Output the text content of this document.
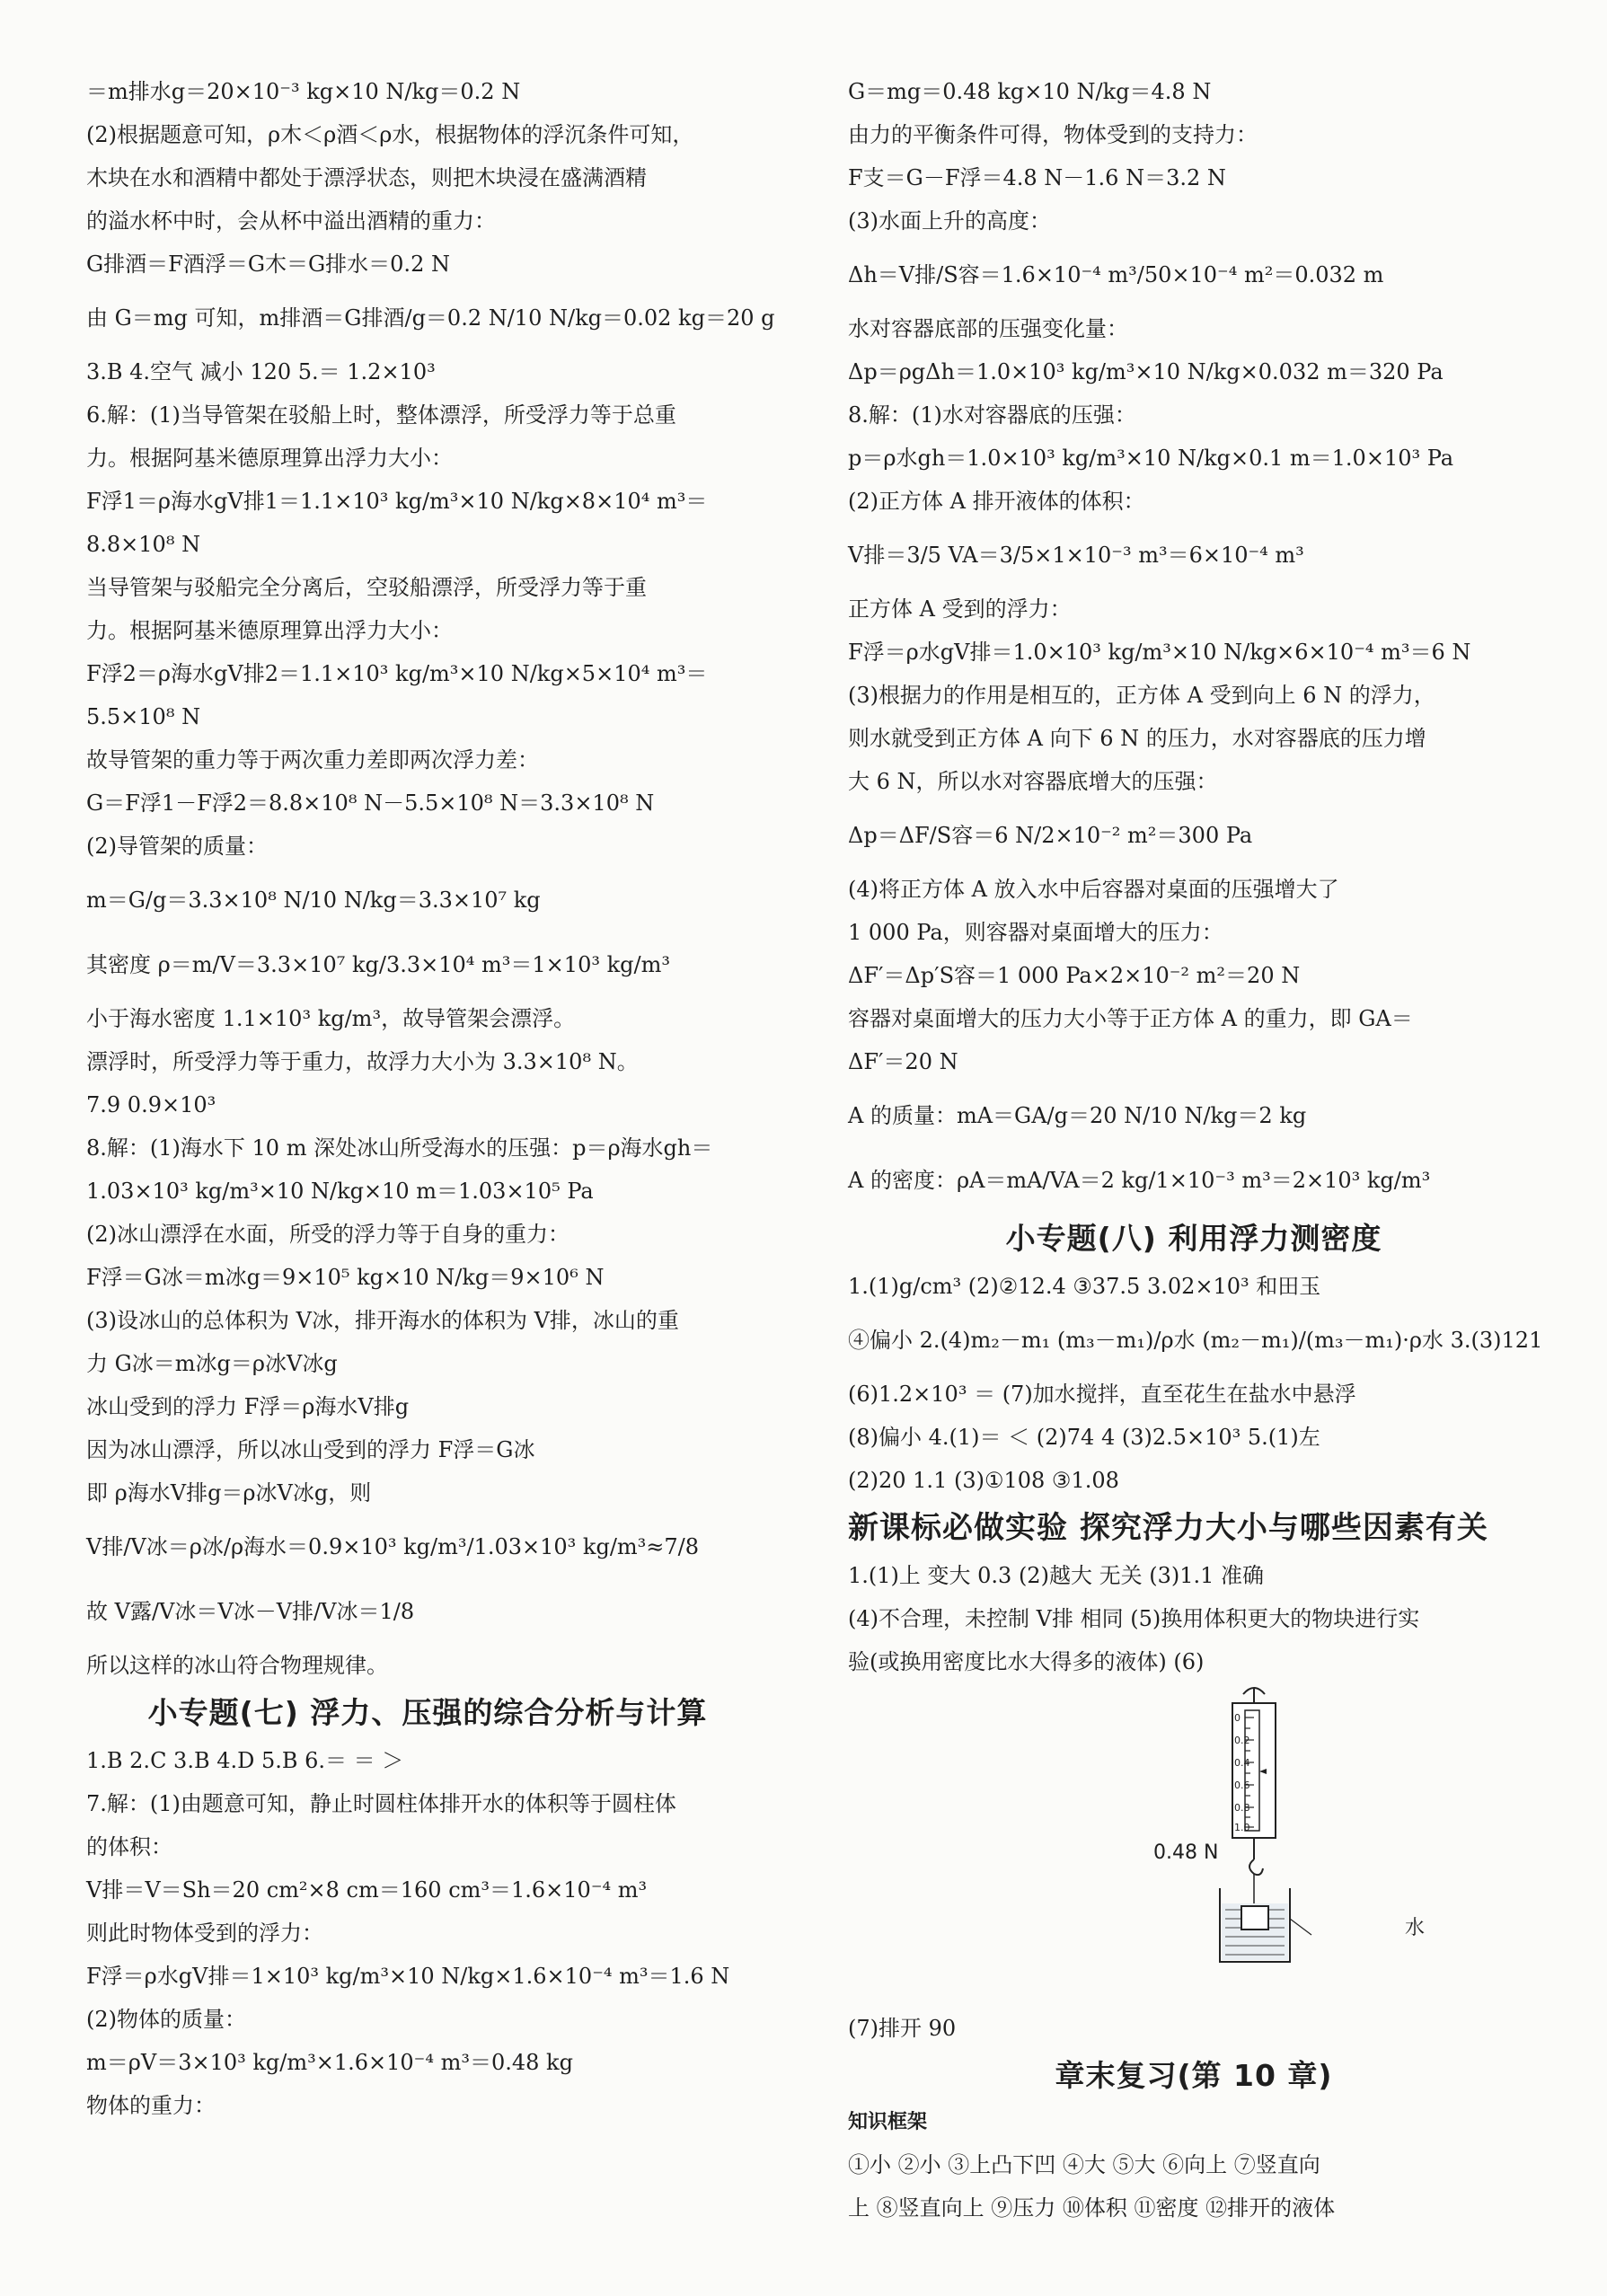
＝m排水g＝20×10⁻³ kg×10 N/kg＝0.2 N
(2)根据题意可知，ρ木＜ρ酒＜ρ水，根据物体的浮沉条件可知，
木块在水和酒精中都处于漂浮状态，则把木块浸在盛满酒精
的溢水杯中时，会从杯中溢出酒精的重力：
G排酒＝F酒浮＝G木＝G排水＝0.2 N
由 G＝mg 可知，m排酒＝G排酒/g＝0.2 N/10 N/kg＝0.02 kg＝20 g
3.B 4.空气 减小 120 5.＝ 1.2×10³
6.解：(1)当导管架在驳船上时，整体漂浮，所受浮力等于总重
力。根据阿基米德原理算出浮力大小：
F浮1＝ρ海水gV排1＝1.1×10³ kg/m³×10 N/kg×8×10⁴ m³＝
8.8×10⁸ N
当导管架与驳船完全分离后，空驳船漂浮，所受浮力等于重
力。根据阿基米德原理算出浮力大小：
F浮2＝ρ海水gV排2＝1.1×10³ kg/m³×10 N/kg×5×10⁴ m³＝
5.5×10⁸ N
故导管架的重力等于两次重力差即两次浮力差：
G＝F浮1－F浮2＝8.8×10⁸ N－5.5×10⁸ N＝3.3×10⁸ N
(2)导管架的质量：
m＝G/g＝3.3×10⁸ N/10 N/kg＝3.3×10⁷ kg
其密度 ρ＝m/V＝3.3×10⁷ kg/3.3×10⁴ m³＝1×10³ kg/m³
小于海水密度 1.1×10³ kg/m³，故导管架会漂浮。
漂浮时，所受浮力等于重力，故浮力大小为 3.3×10⁸ N。
7.9 0.9×10³
8.解：(1)海水下 10 m 深处冰山所受海水的压强：p＝ρ海水gh＝
1.03×10³ kg/m³×10 N/kg×10 m＝1.03×10⁵ Pa
(2)冰山漂浮在水面，所受的浮力等于自身的重力：
F浮＝G冰＝m冰g＝9×10⁵ kg×10 N/kg＝9×10⁶ N
(3)设冰山的总体积为 V冰，排开海水的体积为 V排，冰山的重
力 G冰＝m冰g＝ρ冰V冰g
冰山受到的浮力 F浮＝ρ海水V排g
因为冰山漂浮，所以冰山受到的浮力 F浮＝G冰
即 ρ海水V排g＝ρ冰V冰g，则
V排/V冰＝ρ冰/ρ海水＝0.9×10³ kg/m³/1.03×10³ kg/m³≈7/8
故 V露/V冰＝V冰－V排/V冰＝1/8
所以这样的冰山符合物理规律。
小专题(七) 浮力、压强的综合分析与计算
1.B 2.C 3.B 4.D 5.B 6.＝ ＝ ＞
7.解：(1)由题意可知，静止时圆柱体排开水的体积等于圆柱体
的体积：
V排＝V＝Sh＝20 cm²×8 cm＝160 cm³＝1.6×10⁻⁴ m³
则此时物体受到的浮力：
F浮＝ρ水gV排＝1×10³ kg/m³×10 N/kg×1.6×10⁻⁴ m³＝1.6 N
(2)物体的质量：
m＝ρV＝3×10³ kg/m³×1.6×10⁻⁴ m³＝0.48 kg
物体的重力：
G＝mg＝0.48 kg×10 N/kg＝4.8 N
由力的平衡条件可得，物体受到的支持力：
F支＝G－F浮＝4.8 N－1.6 N＝3.2 N
(3)水面上升的高度：
Δh＝V排/S容＝1.6×10⁻⁴ m³/50×10⁻⁴ m²＝0.032 m
水对容器底部的压强变化量：
Δp＝ρgΔh＝1.0×10³ kg/m³×10 N/kg×0.032 m＝320 Pa
8.解：(1)水对容器底的压强：
p＝ρ水gh＝1.0×10³ kg/m³×10 N/kg×0.1 m＝1.0×10³ Pa
(2)正方体 A 排开液体的体积：
V排＝3/5 VA＝3/5×1×10⁻³ m³＝6×10⁻⁴ m³
正方体 A 受到的浮力：
F浮＝ρ水gV排＝1.0×10³ kg/m³×10 N/kg×6×10⁻⁴ m³＝6 N
(3)根据力的作用是相互的，正方体 A 受到向上 6 N 的浮力，
则水就受到正方体 A 向下 6 N 的压力，水对容器底的压力增
大 6 N，所以水对容器底增大的压强：
Δp＝ΔF/S容＝6 N/2×10⁻² m²＝300 Pa
(4)将正方体 A 放入水中后容器对桌面的压强增大了
1 000 Pa，则容器对桌面增大的压力：
ΔF′＝Δp′S容＝1 000 Pa×2×10⁻² m²＝20 N
容器对桌面增大的压力大小等于正方体 A 的重力，即 GA＝
ΔF′＝20 N
A 的质量：mA＝GA/g＝20 N/10 N/kg＝2 kg
A 的密度：ρA＝mA/VA＝2 kg/1×10⁻³ m³＝2×10³ kg/m³
小专题(八) 利用浮力测密度
1.(1)g/cm³ (2)②12.4 ③37.5 3.02×10³ 和田玉
④偏小 2.(4)m₂－m₁ (m₃－m₁)/ρ水 (m₂－m₁)/(m₃－m₁)·ρ水 3.(3)121
(6)1.2×10³ ＝ (7)加水搅拌，直至花生在盐水中悬浮
(8)偏小 4.(1)＝ ＜ (2)74 4 (3)2.5×10³ 5.(1)左
(2)20 1.1 (3)①108 ③1.08
新课标必做实验 探究浮力大小与哪些因素有关
1.(1)上 变大 0.3 (2)越大 无关 (3)1.1 准确
(4)不合理，未控制 V排 相同 (5)换用体积更大的物块进行实
验(或换用密度比水大得多的液体) (6)
0
0.2
0.4
0.6
0.8
1.0
0.48 N
水
(7)排开 90
章末复习(第 10 章)
知识框架
①小 ②小 ③上凸下凹 ④大 ⑤大 ⑥向上 ⑦竖直向
上 ⑧竖直向上 ⑨压力 ⑩体积 ⑪密度 ⑫排开的液体
